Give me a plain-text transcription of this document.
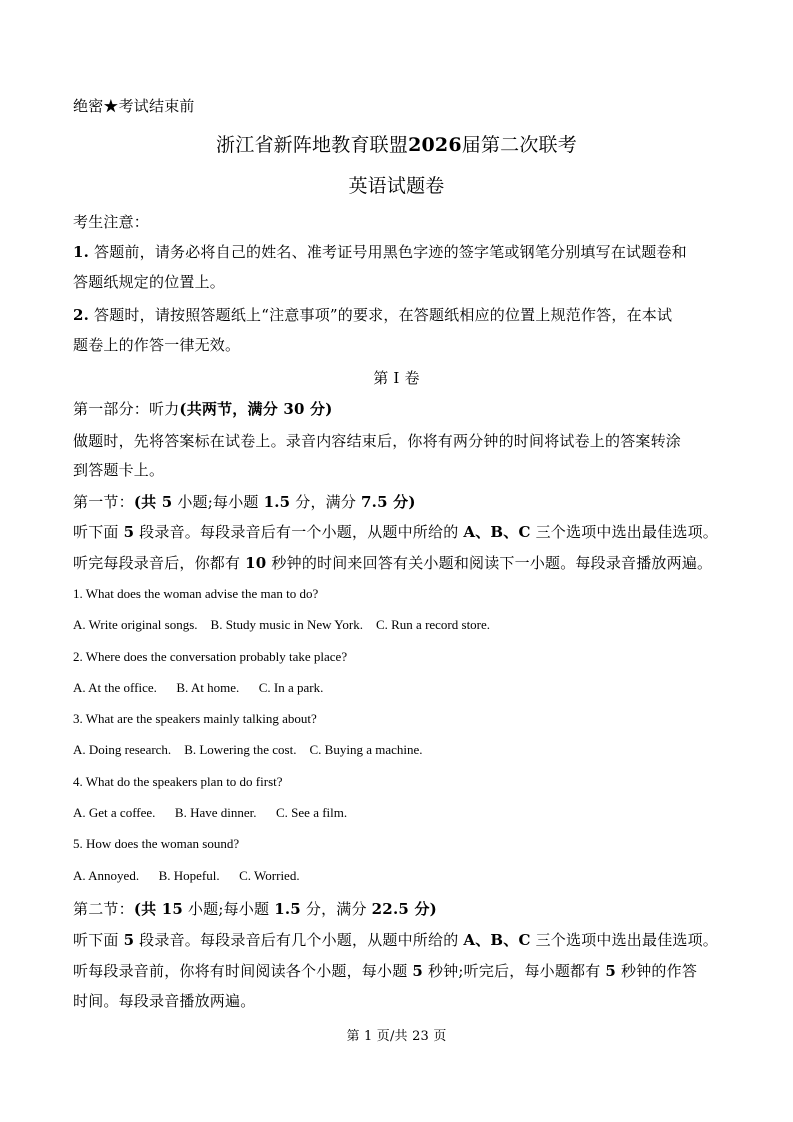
绝密★考试结束前
浙江省新阵地教育联盟2026届第二次联考
英语试题卷
考生注意：
1. 答题前，请务必将自己的姓名、准考证号用黑色字迹的签字笔或钢笔分别填写在试题卷和
答题纸规定的位置上。
2. 答题时，请按照答题纸上“注意事项”的要求，在答题纸相应的位置上规范作答，在本试
题卷上的作答一律无效。
第 I 卷
第一部分：听力(共两节，满分 30 分)
做题时，先将答案标在试卷上。录音内容结束后，你将有两分钟的时间将试卷上的答案转涂
到答题卡上。
第一节：(共 5 小题;每小题 1.5 分，满分 7.5 分)
听下面 5 段录音。每段录音后有一个小题，从题中所给的 A、B、C 三个选项中选出最佳选项。
听完每段录音后，你都有 10 秒钟的时间来回答有关小题和阅读下一小题。每段录音播放两遍。
1. What does the woman advise the man to do?
A. Write original songs. B. Study music in New York. C. Run a record store.
2. Where does the conversation probably take place?
A. At the office. B. At home. C. In a park.
3. What are the speakers mainly talking about?
A. Doing research. B. Lowering the cost. C. Buying a machine.
4. What do the speakers plan to do first?
A. Get a coffee. B. Have dinner. C. See a film.
5. How does the woman sound?
A. Annoyed. B. Hopeful. C. Worried.
第二节：(共 15 小题;每小题 1.5 分，满分 22.5 分)
听下面 5 段录音。每段录音后有几个小题，从题中所给的 A、B、C 三个选项中选出最佳选项。
听每段录音前，你将有时间阅读各个小题，每小题 5 秒钟;听完后，每小题都有 5 秒钟的作答
时间。每段录音播放两遍。
第 1 页/共 23 页
